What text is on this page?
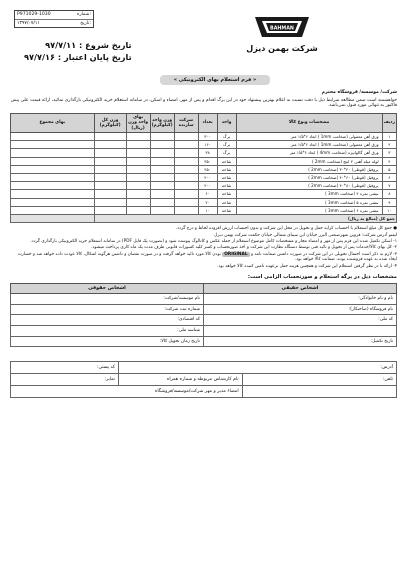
BAHMAN
شرکت بهمن دیزل
P971029-1030	شماره:
۱۳۹۷/۰۷/۱۱	تاریخ:
تاریخ شروع : ۹۷/۷/۱۱
تاریخ پایان اعتبار : ۹۷/۷/۱۶
« فرم استعلام بهای الکترونیکی »
شرکت/ موسسه/ فروشگاه محترم
خواهشمند است ضمن مطالعه شرایط ذیل با دقت نسبت به اعلام بهترین پیشنهاد خود در این برگ اقدام و پس از مهر، امضاء و اسکن، در سامانه استعلام خرید الکترونیکی بارگذاری نمائید، ارائه قیمت علی پیش فاکتور به تنهائی مورد قبول نمی‌باشد.
ردیف	مشخصات ونوع کالا	واحد	تعداد	شرکت سازنده	وزن واحد (کیلوگرم)	بهای واحد وزن (ریال)	وزن کل (کیلوگرم)	بهای مجموع
۱	ورق آهن معمولی (ضخامت 1mm ) ابعاد ۶*۱/۵ متر	برگ	۳۰۰					
۲	ورق آهن معمولی (ضخامت 1mm ) ابعاد ۶*۱/۵ متر	برگ	۱۶۰					
۳	ورق آهن گالوانیزه (ضخامت 4mm ) ابعاد ۶*۱/۵ متر	برگ	۳۸					
۴	لوله مبله آهنی ۲ اینچ (ضخامت 2mm )	شاخه	۳۵۰					
۵	پروفیل (قوطی) ۴۰*۳۰ (ضخامت 2mm )	شاخه	۲۵۰					
۶	پروفیل (قوطی) ۶۰*۴۰ (ضخامت 2mm )	شاخه	۲۰۰					
۷	پروفیل (قوطی) ۸۰*۴۰ (ضخامت 2mm )	شاخه	۲۰۰					
۸	نبشی نمره ۴ (ضخامت 3mm )	شاخه	۶۰					
۹	نبشی نمره ۵ (ضخامت 3mm )	شاخه	۲۰					
۱۰	نبشی نمره ۶ (ضخامت 3mm )	شاخه	۱۰					
جمع کل (مبالغ به ریال)								

● جمع کل مبلغ استعلام با احتساب کرایه حمل و تحویل در محل این شرکت و بدون احتساب ارزش افزوده لحاظ و درج گردد.

لیفتو آدرس شرکت: قزوین شهرصنعتی البرز خیابان ابن سینای شمالی خیابان حکمت شرکت بهمن دیزل

۱- اسکن تکمیل شده این فرم پس از مهر و امضاء مجاز و مشخصات کامل موضوع استعلام از جمله عکس و کاتالوگ پیوست شود و (بصورت یک فایل PDF) در سامانه استعلام خرید الکترونیکی بارگذاری گردد.

۲- کل بهای کالا/خدمات پس از تحویل و تائید فنی توسط دستگاه نظارت این شرکت و اخذ صورتحساب و کسر کلیه کسورات قانونی ظرف مدت یک ماه کاری پرداخت میشود.

۳- لازم به ذکر است احتمال تحویلی در این شرکت در صورت داشتن ضمانت نامه و ORIGINAL بودن کالا مورد تائید خواهد گرفت و در صورت نقصان و داشتن هرگونه اشکال، کالا عودت داده خواهد شد و خسارت ایجاد شده به عهده فروشنده بوده، ضمانت کالا خواهد بود.

۴- ارائه با در نظر گرفتن استعلام این شرکت و همچنین هزینه حمل برعهده تامین کننده کالا خواهد بود.

مشخصات ذیل در برگه استعلام و صورتحساب الزامی است:
اشخاص حقیقی	اشخاص حقوقی
نام و نام خانوادگی:	نام موسسه/شرکت:
نام فروشگاه (صاحبکار):	شماره ثبت شرکت:
کد ملی:	کد اقتصادی:
	شناسه ملی:
تاریخ تکمیل:	تاریخ زمان تحویل کالا:
آدرس:		کد پستی:
تلفن:	نام کارشناس مربوطه و شماره همراه	نمابر:
	امضاء مدیر و مهر شرکت/موسسه/فروشگاه	
